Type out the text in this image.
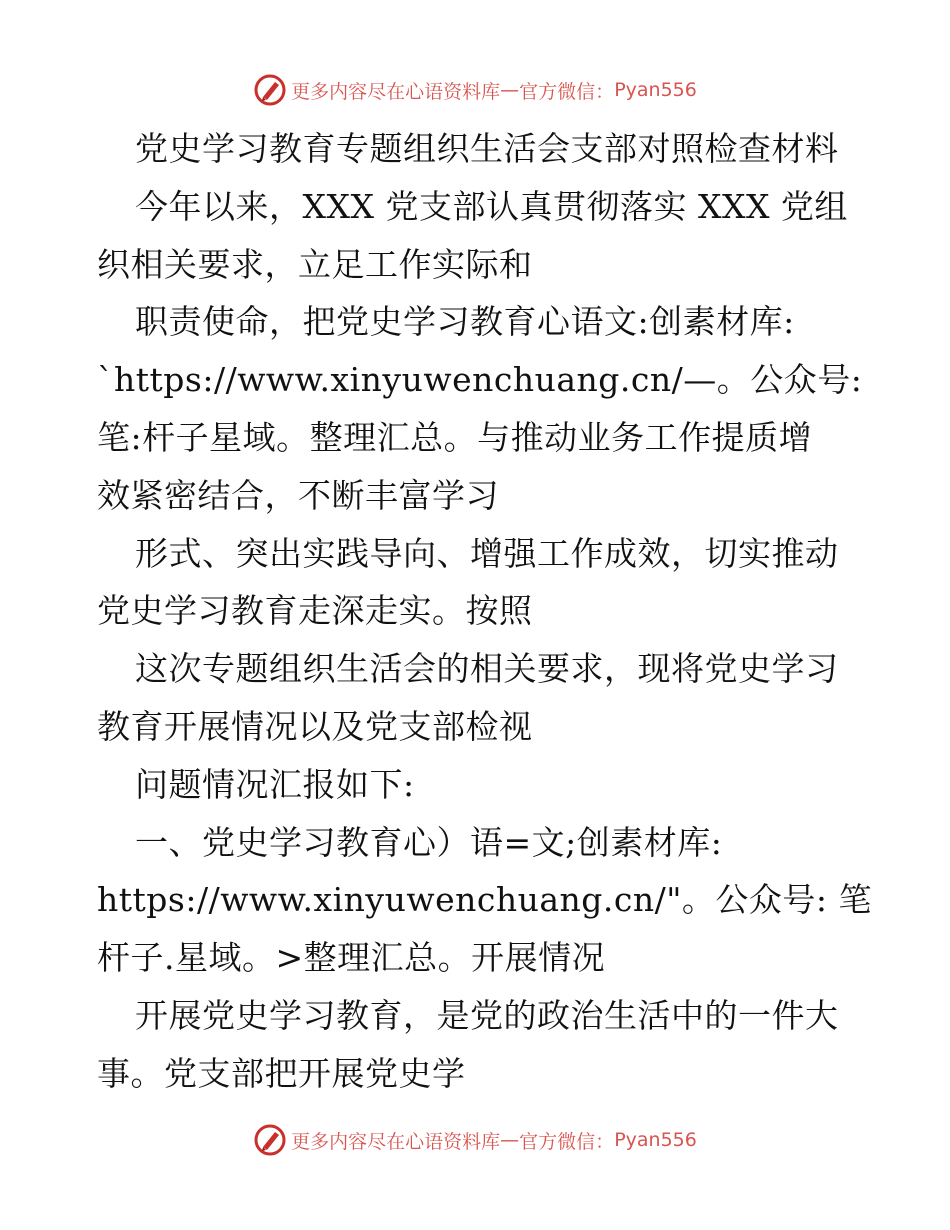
更多内容尽在心语资料库 — 官方微信： Pyan556
党史学习教育专题组织生活会支部对照检查材料
今年以来，XXX 党支部认真贯彻落实 XXX 党组
织相关要求，立足工作实际和
职责使命，把党史学习教育心语文:创素材库:
`https://www.xinyuwenchuang.cn/—。公众号:
笔:杆子星域。整理汇总。与推动业务工作提质增
效紧密结合，不断丰富学习
形式、突出实践导向、增强工作成效，切实推动
党史学习教育走深走实。按照
这次专题组织生活会的相关要求，现将党史学习
教育开展情况以及党支部检视
问题情况汇报如下:
一、党史学习教育心）语=文;创素材库:
https://www.xinyuwenchuang.cn/"。公众号: 笔
杆子.星域。>整理汇总。开展情况
开展党史学习教育，是党的政治生活中的一件大
事。党支部把开展党史学
更多内容尽在心语资料库 — 官方微信： Pyan556
